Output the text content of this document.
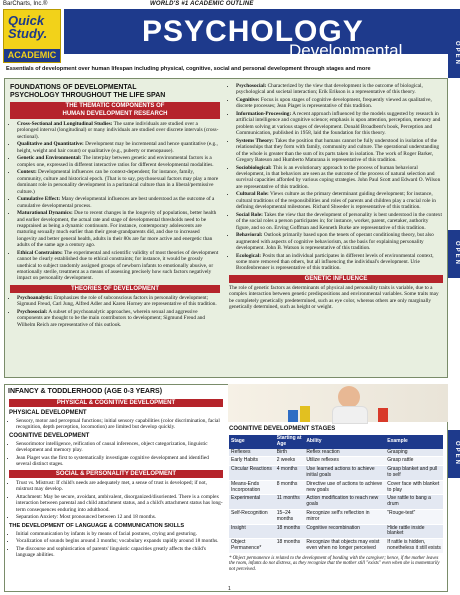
BarCharts, Inc.®	WORLD'S #1 ACADEMIC OUTLINE
Quick
Study.
ACADEMIC
PSYCHOLOGY
Developmental
Essentials of development over human lifespan including physical, cognitive, social and personal development through stages and more
OPEN
OPEN
OPEN
FOUNDATIONS OF DEVELOPMENTAL
PSYCHOLOGY THROUGHOUT THE LIFE SPAN
THE THEMATIC COMPONENTS OF
HUMAN DEVELOPMENT RESEARCH
• Cross-Sectional and Longitudinal Studies: The same individuals are studied over a prolonged interval (longitudinal) or many individuals are studied over discrete intervals (cross-sectional).
• Qualitative and Quantitative: Development may be incremental and hence quantitative (e.g., height, weight and hair count) or qualitative (e.g., puberty or menopause).
• Genetic and Environmental: The interplay between genetic and environmental factors is a complex one, expressed in different interactive ratios for different developmental modalities.
• Context: Developmental influences can be context-dependent; for instance, family, community, culture and historical epoch. (That is to say, psychosexual factors may play a more dominant role in personality development in a puritanical culture than in a liberal/permissive culture.)
• Cumulative Effect: Many developmental influences are best understood as the outcome of a cumulative developmental process.
• Maturational Dynamics: Due to recent changes in the longevity of populations, better health and earlier development, the actual rate and stage of developmental thresholds need to be reappraised as being a dynamic continuum. For instance, contemporary adolescents are maturing sexually much earlier than their great-grandparents did, and due to increased longevity and better general health, adults in their 80s are far more active and energetic than adults of the same age a century ago.
• Ethical Constraints: The experimental and scientific validity of most theories of development cannot be clearly established due to ethical constraints; for instance, it would be grossly unethical to subject randomly assigned groups of newborn infants to emotionally abusive, or emotionally sterile, treatment as a means of assessing precisely how such factors negatively impact on personality development.
THEORIES OF DEVELOPMENT
• Psychoanalytic: Emphasizes the role of subconscious factors in personality development; Sigmund Freud, Carl Jung, Alfred Adler and Karen Horney are representative of this tradition.
• Psychosocial: A subset of psychoanalytic approaches, wherein sexual and aggressive components are thought to be the main contributors to development; Sigmund Freud and Wilhelm Reich are representative of this outlook.
• Psychosocial: Characterized by the view that development is the outcome of biological, psychological and societal interaction; Erik Erikson is a representative of this theory.
• Cognitive: Focus is upon stages of cognitive development, frequently viewed as qualitative, discrete processes; Jean Piaget is representative of this tradition.
• Information-Processing: A recent approach influenced by the models suggested by research in artificial intelligence and cognitive science; emphasis is upon attention, perception, memory and problem solving at various stages of development. Donald Broadbent's book, Perception and Communication, published in 1958, laid the foundation for this theory.
• Systems Theory: Takes the position that humans cannot be fully understood in isolation of the relationships that they form with family, community and culture. The operational understanding of the whole is greater than the sum of its parts taken in isolation. The work of Roger Barker, Gregory Bateson and Humberto Maturana is representative of this tradition.
• Sociobiological: This is an evolutionary approach to the process of human behavioral development, in that behaviors are seen as the outcome of the process of natural selection and survival capacities afforded by various coping strategies. John Paul Scott and Edward O. Wilson are representative of this tradition.
• Cultural Role: Views culture as the primary determinant guiding development; for instance, cultural traditions of the responsibilities and roles of parents and children play a crucial role in defining developmental milestones. Richard Shweder is representative of this tradition.
• Social Role: Takes the view that the development of personality is best understood in the context of the social roles a person participates in; for instance, worker, parent, caretaker, authority figure, and so on. Erving Goffman and Kenneth Burke are representative of this tradition.
• Behavioral: Outlook primarily based upon the tenets of operant conditioning theory, but also augmented with aspects of cognitive behaviorism, as the basis for explaining personality development. John B. Watson is representative of this tradition.
• Ecological: Posits that an individual participates in different levels of environmental context, some more removed than others, but all influencing the individual's development. Urie Bronfenbrenner is representative of this tradition.
GENETIC INFLUENCE

The role of genetic factors as determinants of physical and personality traits is variable, due to a complex interaction between genetic predispositions and environmental variables. Some traits may be completely genetically predetermined, such as eye color, whereas others are only marginally genetically determined, such as height or weight.

PHYSICAL & COGNITIVE DEVELOPMENT
PHYSICAL DEVELOPMENT
• Sensory, motor and perceptual functions; initial sensory capabilities (color discrimination, facial recognition, depth perception, locomotion) are limited but develop quickly.
COGNITIVE DEVELOPMENT
• Sensorimotor intelligence, reification of causal inferences, object categorization, linguistic development and memory play.
• Jean Piaget was the first to systematically investigate cognitive development and identified several distinct stages.
SOCIAL & PERSONALITY DEVELOPMENT
• Trust vs. Mistrust: If child's needs are adequately met, a sense of trust is developed; if not, mistrust may develop.
• Attachment: May be secure, avoidant, ambivalent, disorganized/disoriented. There is a complex interaction between parental and child attachment status, and a child's attachment status has long-term consequences enduring into adulthood.
• Separation Anxiety: Most pronounced between 12 and 18 months.
THE DEVELOPMENT OF LANGUAGE & COMMUNICATION SKILLS
• Initial communication by infants is by means of facial postures, crying and gesturing.
• Vocalization of sounds begins around 3 months; vocabulary expands rapidly around 18 months.
• The discourse and sophistication of parents' linguistic capacities greatly affects the child's language abilities.
COGNITIVE DEVELOPMENT STAGES
Stage	Starting at Age	Ability	Example
Reflexes	Birth	Reflex reaction	Grasping
Early Habits	2 weeks	Utilize reflexes	Grasp rattle
Circular Reactions	4 months	Use learned actions to achieve initial goals	Grasp blanket and pull to self
Means-Ends Incorporation	8 months	Directive use of actions to achieve new goals	Cover face with blanket to play
Experimental	11 months	Action modification to reach new goals	Use rattle to bang a drum
Self-Recognition	15–24 months	Recognize self's reflection in mirror	"Rouge-test"
Insight	18 months	Cognitive recombination	Hide rattle inside blanket
Object Permanence*	18 months	Recognize that objects may exist even when no longer perceived	If rattle is hidden, nonetheless it still exists

* Object permanence is related to the development of bonding with the caregiver; hence, if the mother leaves the room, infants do not distress, as they recognize that the mother still "exists" even when she is momentarily not perceived.

INFANCY & TODDLERHOOD (AGE 0-3 YEARS)
1
